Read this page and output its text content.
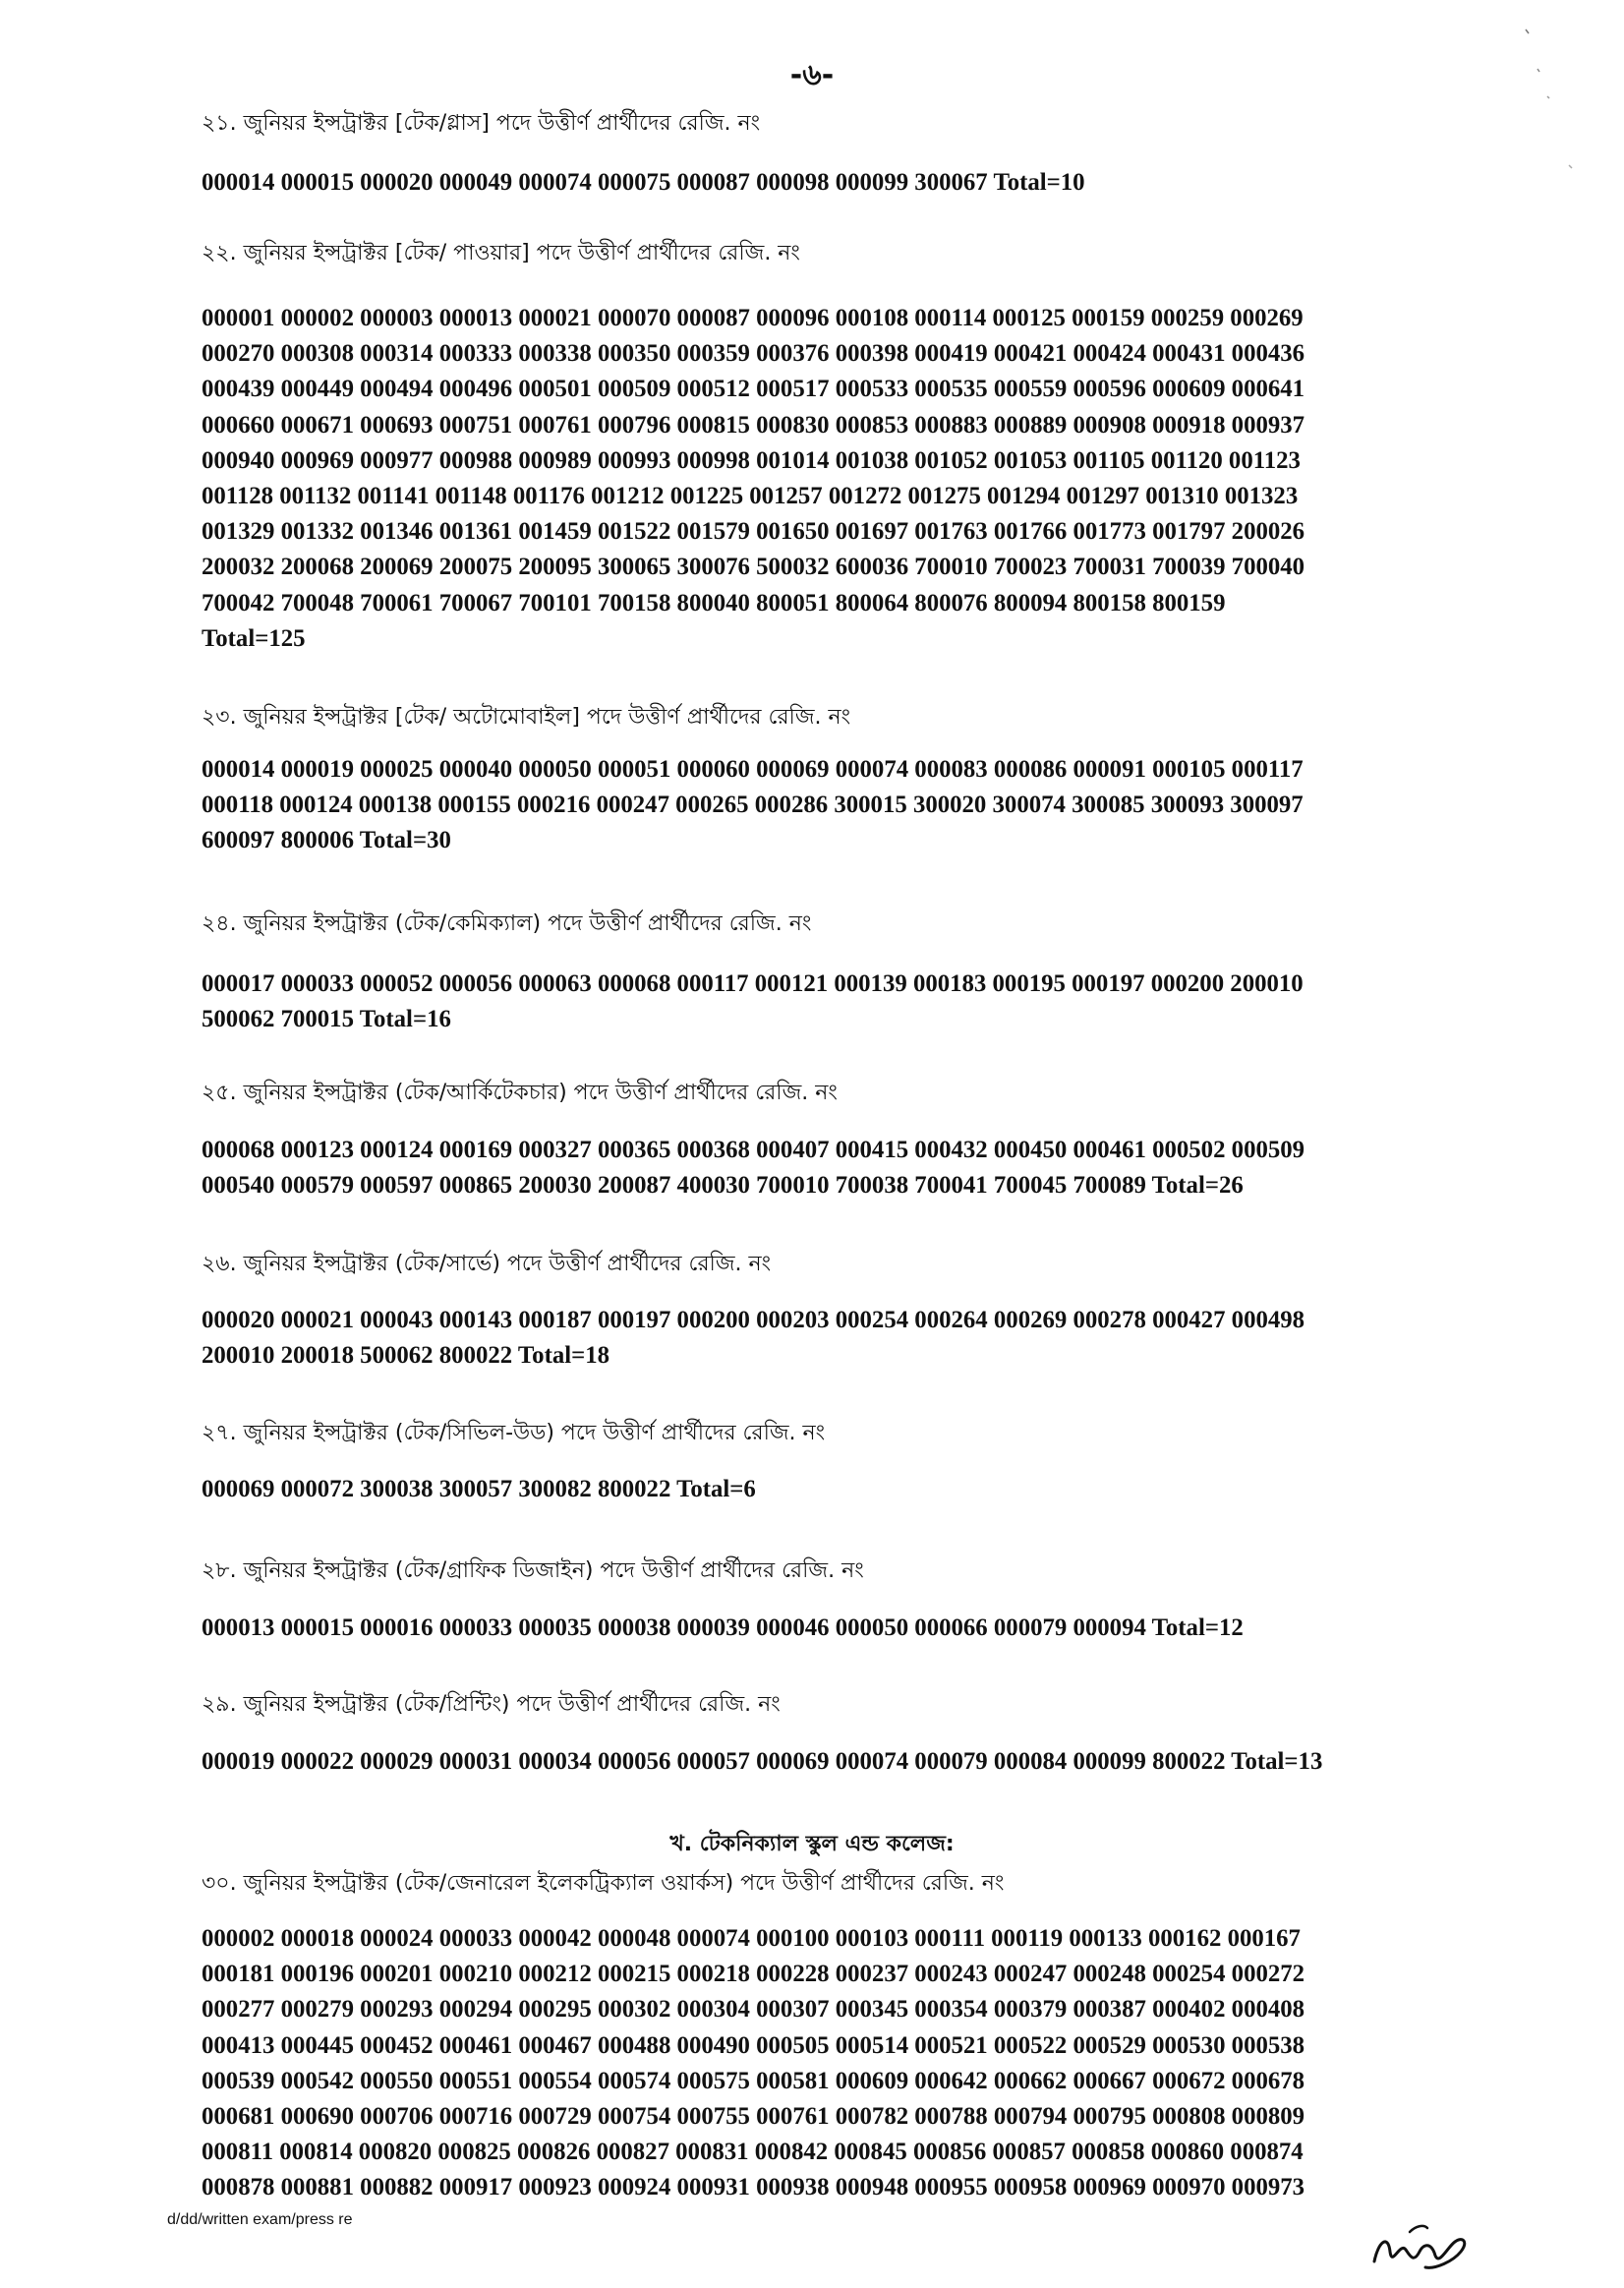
-৬-
২১. জুনিয়র ইন্সট্রাক্টর [টেক/গ্লাস] পদে উত্তীর্ণ প্রার্থীদের রেজি. নং
000014 000015 000020 000049 000074 000075 000087 000098 000099 300067 Total=10
২২. জুনিয়র ইন্সট্রাক্টর [টেক/ পাওয়ার] পদে উত্তীর্ণ প্রার্থীদের রেজি. নং
000001 000002 000003 000013 000021 000070 000087 000096 000108 000114 000125 000159 000259 000269
000270 000308 000314 000333 000338 000350 000359 000376 000398 000419 000421 000424 000431 000436
000439 000449 000494 000496 000501 000509 000512 000517 000533 000535 000559 000596 000609 000641
000660 000671 000693 000751 000761 000796 000815 000830 000853 000883 000889 000908 000918 000937
000940 000969 000977 000988 000989 000993 000998 001014 001038 001052 001053 001105 001120 001123
001128 001132 001141 001148 001176 001212 001225 001257 001272 001275 001294 001297 001310 001323
001329 001332 001346 001361 001459 001522 001579 001650 001697 001763 001766 001773 001797 200026
200032 200068 200069 200075 200095 300065 300076 500032 600036 700010 700023 700031 700039 700040
700042 700048 700061 700067 700101 700158 800040 800051 800064 800076 800094 800158 800159
Total=125
২৩. জুনিয়র ইন্সট্রাক্টর [টেক/ অটোমোবাইল] পদে উত্তীর্ণ প্রার্থীদের রেজি. নং
000014 000019 000025 000040 000050 000051 000060 000069 000074 000083 000086 000091 000105 000117
000118 000124 000138 000155 000216 000247 000265 000286 300015 300020 300074 300085 300093 300097
600097 800006 Total=30
২৪. জুনিয়র ইন্সট্রাক্টর (টেক/কেমিক্যাল) পদে উত্তীর্ণ প্রার্থীদের রেজি. নং
000017 000033 000052 000056 000063 000068 000117 000121 000139 000183 000195 000197 000200 200010
500062 700015 Total=16
২৫. জুনিয়র ইন্সট্রাক্টর (টেক/আর্কিটেকচার) পদে উত্তীর্ণ প্রার্থীদের রেজি. নং
000068 000123 000124 000169 000327 000365 000368 000407 000415 000432 000450 000461 000502 000509
000540 000579 000597 000865 200030 200087 400030 700010 700038 700041 700045 700089 Total=26
২৬. জুনিয়র ইন্সট্রাক্টর (টেক/সার্ভে) পদে উত্তীর্ণ প্রার্থীদের রেজি. নং
000020 000021 000043 000143 000187 000197 000200 000203 000254 000264 000269 000278 000427 000498
200010 200018 500062 800022 Total=18
২৭. জুনিয়র ইন্সট্রাক্টর (টেক/সিভিল-উড) পদে উত্তীর্ণ প্রার্থীদের রেজি. নং
000069 000072 300038 300057 300082 800022 Total=6
২৮. জুনিয়র ইন্সট্রাক্টর (টেক/গ্রাফিক ডিজাইন) পদে উত্তীর্ণ প্রার্থীদের রেজি. নং
000013 000015 000016 000033 000035 000038 000039 000046 000050 000066 000079 000094 Total=12
২৯. জুনিয়র ইন্সট্রাক্টর (টেক/প্রিন্টিং) পদে উত্তীর্ণ প্রার্থীদের রেজি. নং
000019 000022 000029 000031 000034 000056 000057 000069 000074 000079 000084 000099 800022 Total=13
খ. টেকনিক্যাল স্কুল এন্ড কলেজ:
৩০. জুনিয়র ইন্সট্রাক্টর (টেক/জেনারেল ইলেকট্রিক্যাল ওয়ার্কস) পদে উত্তীর্ণ প্রার্থীদের রেজি. নং
000002 000018 000024 000033 000042 000048 000074 000100 000103 000111 000119 000133 000162 000167
000181 000196 000201 000210 000212 000215 000218 000228 000237 000243 000247 000248 000254 000272
000277 000279 000293 000294 000295 000302 000304 000307 000345 000354 000379 000387 000402 000408
000413 000445 000452 000461 000467 000488 000490 000505 000514 000521 000522 000529 000530 000538
000539 000542 000550 000551 000554 000574 000575 000581 000609 000642 000662 000667 000672 000678
000681 000690 000706 000716 000729 000754 000755 000761 000782 000788 000794 000795 000808 000809
000811 000814 000820 000825 000826 000827 000831 000842 000845 000856 000857 000858 000860 000874
000878 000881 000882 000917 000923 000924 000931 000938 000948 000955 000958 000969 000970 000973
d/dd/written exam/press re
